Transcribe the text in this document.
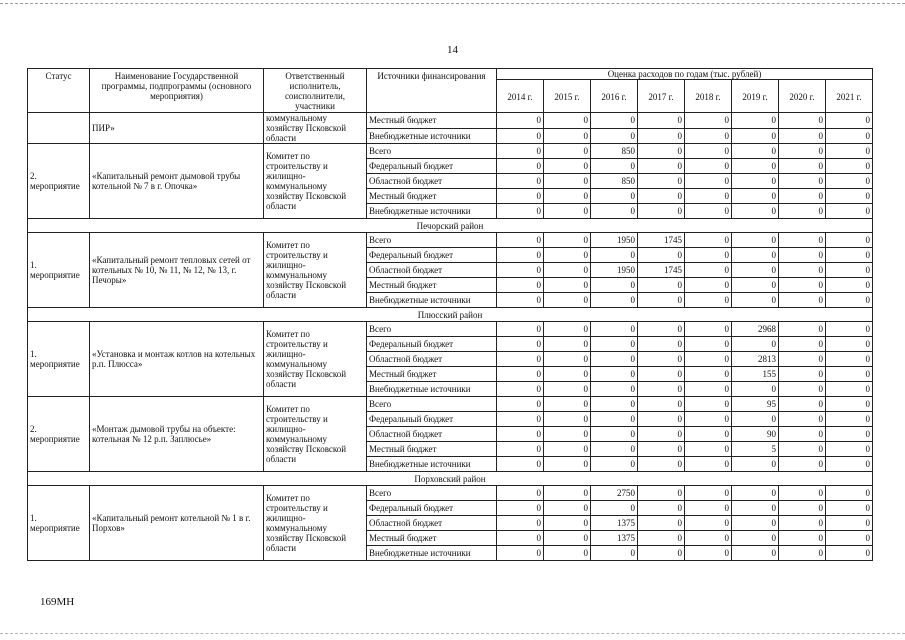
14
Статус	Наименование Государственной программы, подпрограммы (основного мероприятия)	Ответственный исполнитель, соисполнители, участники	Источники финансирования	Оценка расходов по годам (тыс. рублей)							
				2014 г.	2015 г.	2016 г.	2017 г.	2018 г.	2019 г.	2020 г.	2021 г.
	ПИР»	коммунальному хозяйству Псковской области	Местный бюджет	0	0	0	0	0	0	0	0
			Внебюджетные источники	0	0	0	0	0	0	0	0
2.
мероприятие	«Капитальный ремонт дымовой трубы котельной № 7 в г. Опочка»	Комитет по строительству и жилищно-коммунальному хозяйству Псковской области	Всего	0	0	850	0	0	0	0	0
			Федеральный бюджет	0	0	0	0	0	0	0	0
			Областной бюджет	0	0	850	0	0	0	0	0
			Местный бюджет	0	0	0	0	0	0	0	0
			Внебюджетные источники	0	0	0	0	0	0	0	0
Печорский район											
1.
мероприятие	«Капитальный ремонт тепловых сетей от котельных № 10, № 11, № 12, № 13, г. Печоры»	Комитет по строительству и жилищно-коммунальному хозяйству Псковской области	Всего	0	0	1950	1745	0	0	0	0
			Федеральный бюджет	0	0	0	0	0	0	0	0
			Областной бюджет	0	0	1950	1745	0	0	0	0
			Местный бюджет	0	0	0	0	0	0	0	0
			Внебюджетные источники	0	0	0	0	0	0	0	0
Плюсский район											
1.
мероприятие	«Установка и монтаж котлов на котельных р.п. Плюсса»	Комитет по строительству и жилищно-коммунальному хозяйству Псковской области	Всего	0	0	0	0	0	2968	0	0
			Федеральный бюджет	0	0	0	0	0	0	0	0
			Областной бюджет	0	0	0	0	0	2813	0	0
			Местный бюджет	0	0	0	0	0	155	0	0
			Внебюджетные источники	0	0	0	0	0	0	0	0
2.
мероприятие	«Монтаж дымовой трубы на объекте: котельная № 12 р.п. Заплюсье»	Комитет по строительству и жилищно-коммунальному хозяйству Псковской области	Всего	0	0	0	0	0	95	0	0
			Федеральный бюджет	0	0	0	0	0	0	0	0
			Областной бюджет	0	0	0	0	0	90	0	0
			Местный бюджет	0	0	0	0	0	5	0	0
			Внебюджетные источники	0	0	0	0	0	0	0	0
Порховский район											
1.
мероприятие	«Капитальный ремонт котельной № 1 в г. Порхов»	Комитет по строительству и жилищно-коммунальному хозяйству Псковской области	Всего	0	0	2750	0	0	0	0	0
			Федеральный бюджет	0	0	0	0	0	0	0	0
			Областной бюджет	0	0	1375	0	0	0	0	0
			Местный бюджет	0	0	1375	0	0	0	0	0
			Внебюджетные источники	0	0	0	0	0	0	0	0
169МН
